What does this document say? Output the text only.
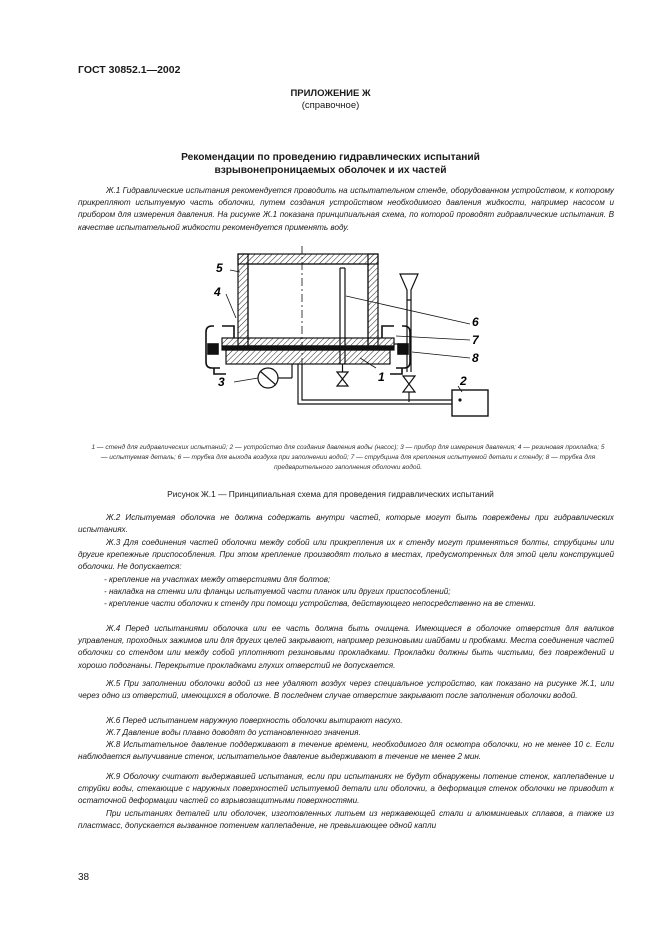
ГОСТ 30852.1—2002
ПРИЛОЖЕНИЕ Ж
(справочное)
Рекомендации по проведению гидравлических испытаний
взрывонепроницаемых оболочек и их частей
Ж.1 Гидравлические испытания рекомендуется проводить на испытательном стенде, оборудованном устройством, к которому прикрепляют испытуемую часть оболочки, путем создания устройством необходимого давления жидкости, например насосом и прибором для измерения давления. На рисунке Ж.1 показана принципиальная схема, по которой проводят гидравлические испытания. В качестве испытательной жидкости рекомендуется применять воду.
5
4
3
6
7
8
1	2
1 — стенд для гидравлических испытаний; 2 — устройство для создания давления воды (насос); 3 — прибор для измерения давления; 4 — резиновая прокладка; 5 — испытуемая деталь; 6 — трубка для выхода воздуха при заполнении водой; 7 — струбцина для крепления испытуемой детали к стенду; 8 — трубка для предварительного заполнения оболочки водой.
Рисунок Ж.1 — Принципиальная схема для проведения гидравлических испытаний
Ж.2 Испытуемая оболочка не должна содержать внутри частей, которые могут быть повреждены при гидравлических испытаниях.
Ж.3 Для соединения частей оболочки между собой или прикрепления их к стенду могут применяться болты, струбцины или другие крепежные приспособления. При этом крепление производят только в местах, предусмотренных для этой цели конструкцией оболочки. Не допускается:
- крепление на участках между отверстиями для болтов;
- накладка на стенки или фланцы испытуемой части планок или других приспособлений;
- крепление части оболочки к стенду при помощи устройства, действующего непосредственно на ве стенки.
Ж.4 Перед испытаниями оболочка или ее часть должна быть очищена. Имеющиеся в оболочке отверстия для валиков управления, проходных зажимов или для других целей закрывают, например резиновыми шайбами и пробками. Места соединения частей оболочки со стендом или между собой уплотняют резиновыми прокладками. Прокладки должны быть чистыми, без повреждений и хорошо подогнаны. Перекрытие прокладками глухих отверстий не допускается.
Ж.5 При заполнении оболочки водой из нее удаляют воздух через специальное устройство, как показано на рисунке Ж.1, или через одно из отверстий, имеющихся в оболочке. В последнем случае отверстие закрывают после заполнения оболочки водой.
Ж.6 Перед испытанием наружную поверхность оболочки вытирают насухо.
Ж.7 Давление воды плавно доводят до установленного значения.
Ж.8 Испытательное давление поддерживают в течение времени, необходимого для осмотра оболочки, но не менее 10 с. Если наблюдается выпучивание стенок, испытательное давление выдерживают в течение не менее 2 мин.
Ж.9 Оболочку считают выдержавшей испытания, если при испытаниях не будут обнаружены потение стенок, каплепадение и струйки воды, стекающие с наружных поверхностей испытуемой детали или оболочки, а деформация стенок оболочки не приводит к остаточной деформации частей со взрывозащитными поверхностями.
При испытаниях деталей или оболочек, изготовленных литьем из нержавеющей стали и алюминиевых сплавов, а также из пластмасс, допускается вызванное потением каплепадение, не превышающее одной капли
38
